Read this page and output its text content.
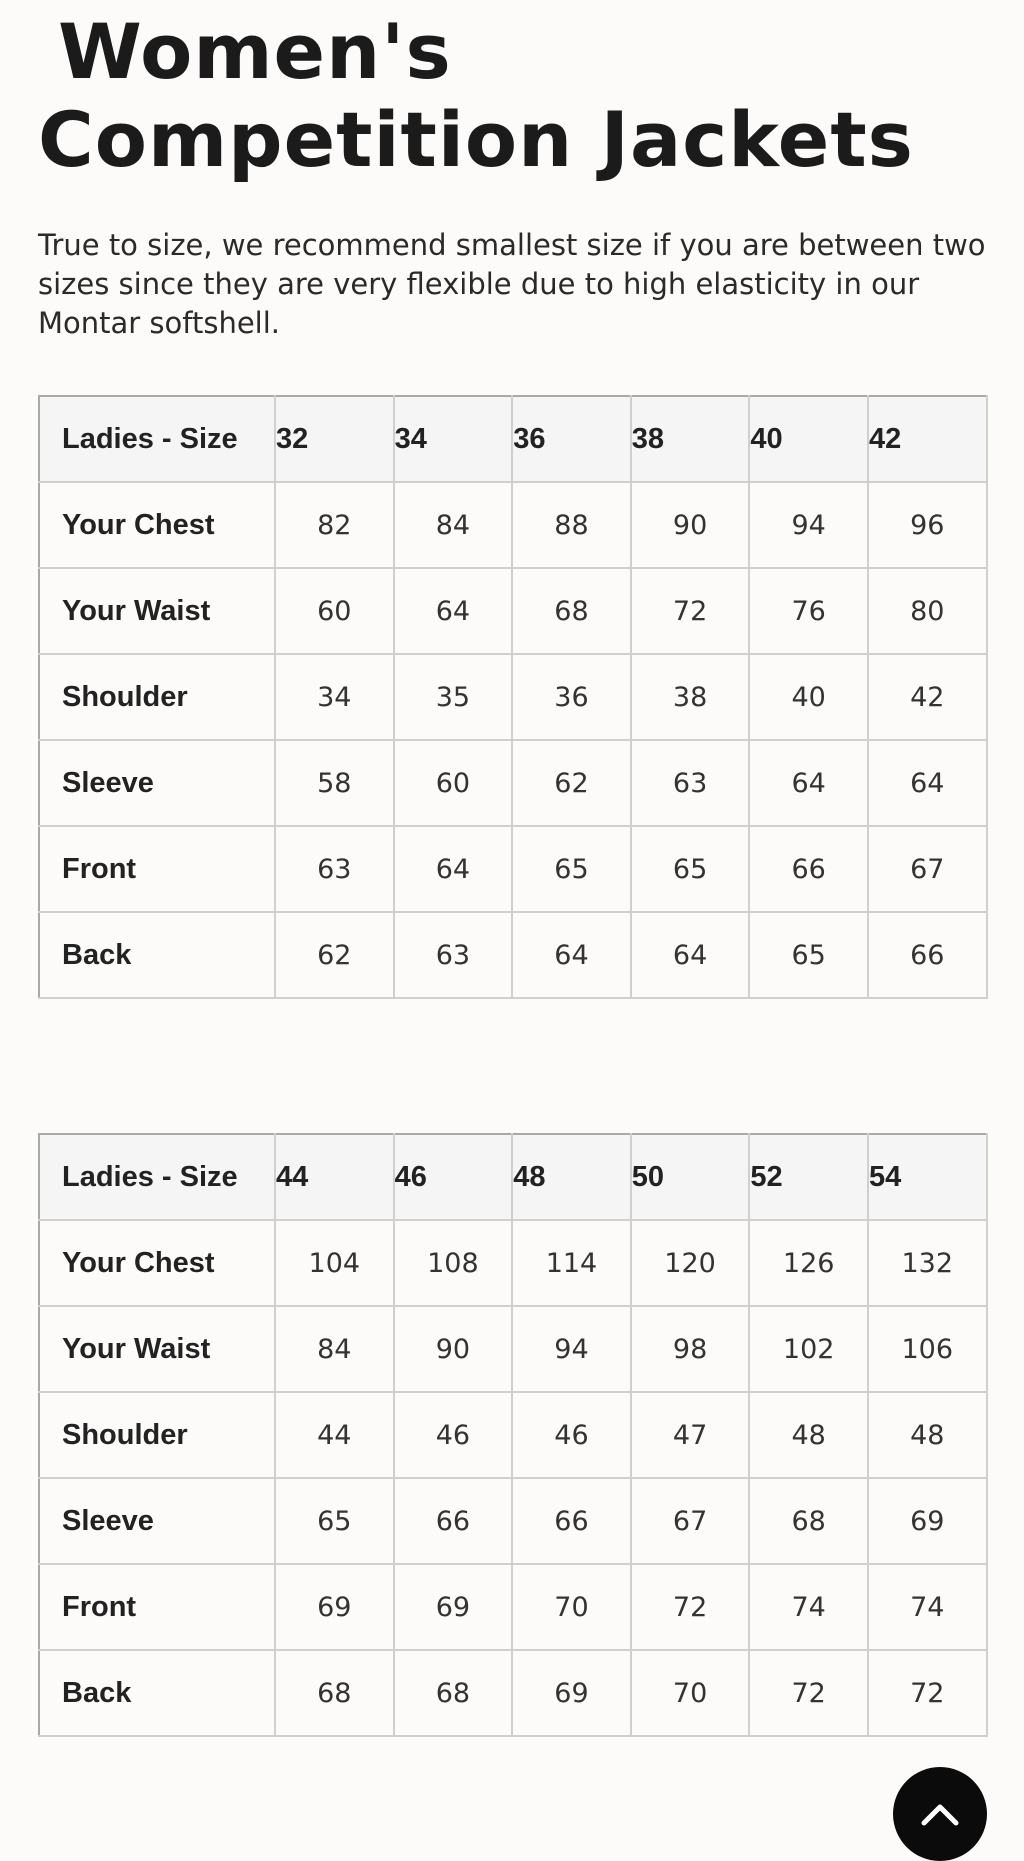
Women's Competition Jackets

True to size, we recommend smallest size if you are between two sizes since they are very flexible due to high elasticity in our Montar softshell.

Ladies - Size	32	34	36	38	40	42
Your Chest	82	84	88	90	94	96
Your Waist	60	64	68	72	76	80
Shoulder	34	35	36	38	40	42
Sleeve	58	60	62	63	64	64
Front	63	64	65	65	66	67
Back	62	63	64	64	65	66
Ladies - Size	44	46	48	50	52	54
Your Chest	104	108	114	120	126	132
Your Waist	84	90	94	98	102	106
Shoulder	44	46	46	47	48	48
Sleeve	65	66	66	67	68	69
Front	69	69	70	72	74	74
Back	68	68	69	70	72	72
